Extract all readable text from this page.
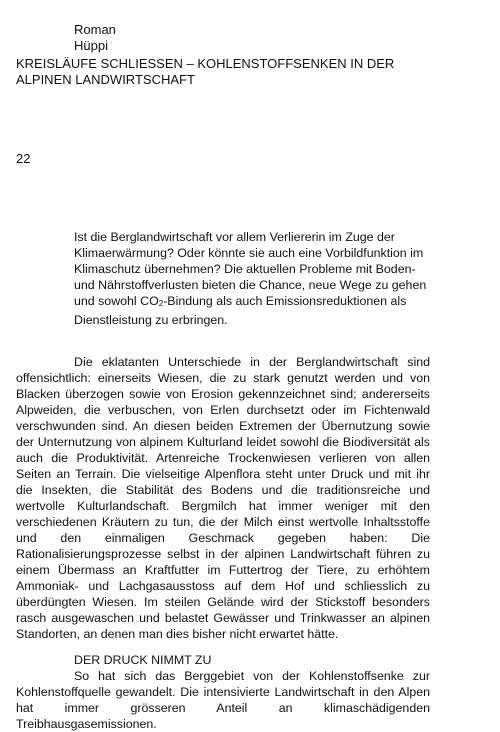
Roman
Hüppi
KREISLÄUFE SCHLIESSEN – KOHLENSTOFFSENKEN IN DER
ALPINEN LANDWIRTSCHAFT
22

Ist die Berglandwirtschaft vor allem Verliererin im Zuge der Klimaerwärmung? Oder könnte sie auch eine Vorbildfunktion im Klimaschutz übernehmen? Die aktuellen Probleme mit Boden- und Nährstoffverlusten bieten die Chance, neue Wege zu gehen und sowohl $CO_2$-Bindung als auch Emissionsreduktionen als Dienstleistung zu erbringen.

Die eklatanten Unterschiede in der Berglandwirtschaft sind offensichtlich: einerseits Wiesen, die zu stark genutzt werden und von Blacken überzogen sowie von Erosion gekennzeichnet sind; andererseits Alpweiden, die verbuschen, von Erlen durchsetzt oder im Fichtenwald verschwunden sind. An diesen beiden Extremen der Übernutzung sowie der Unternutzung von alpinem Kulturland leidet sowohl die Biodiversität als auch die Produktivität. Artenreiche Trockenwiesen verlieren von allen Seiten an Terrain. Die vielseitige Alpenflora steht unter Druck und mit ihr die Insekten, die Stabilität des Bodens und die traditionsreiche und wertvolle Kulturlandschaft. Bergmilch hat immer weniger mit den verschiedenen Kräutern zu tun, die der Milch einst wertvolle Inhaltsstoffe und den einmaligen Geschmack gegeben haben: Die Rationalisierungsprozesse selbst in der alpinen Landwirtschaft führen zu einem Übermass an Kraftfutter im Futtertrog der Tiere, zu erhöhtem Ammoniak- und Lachgasausstoss auf dem Hof und schliesslich zu überdüngten Wiesen. Im steilen Gelände wird der Stickstoff besonders rasch ausgewaschen und belastet Gewässer und Trinkwasser an alpinen Standorten, an denen man dies bisher nicht erwartet hätte.

DER DRUCK NIMMT ZU

So hat sich das Berggebiet von der Kohlenstoffsenke zur Kohlenstoffquelle gewandelt. Die intensivierte Landwirtschaft in den Alpen hat immer grösseren Anteil an klimaschädigenden Treibhausgasemissionen.
